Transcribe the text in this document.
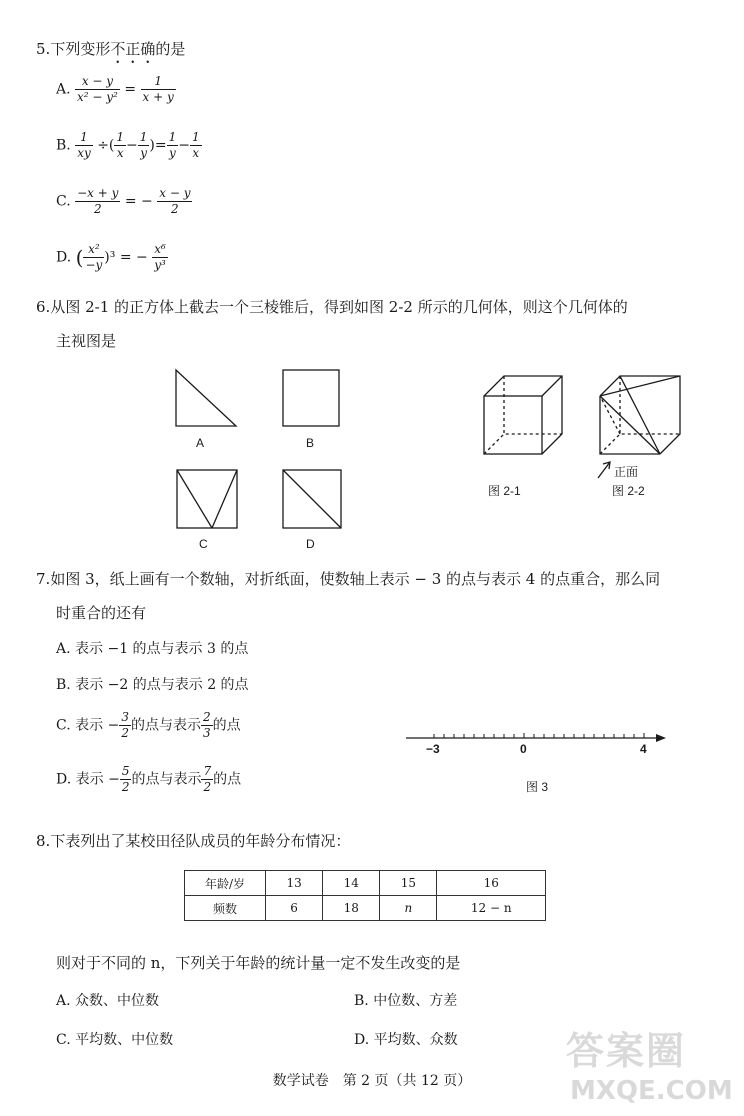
5.下列变形不正确的是
A. $\frac{x - y}{\text{x² − y²}} = \frac{1}{x + y}$
B. $\frac{1}{xy}$ ÷( $\frac{1}{x} - \frac{1}{y}$ )= $\frac{1}{y} - \frac{1}{x}$
C. $\frac{-x + y}{2}$ = − $\frac{x - y}{2}$
D. ( $\frac{\text{x²}}{-y} )^3$ = − $\frac{\text{x⁶}}{\text{y³}}$
6.从图 2-1 的正方体上截去一个三棱锥后，得到如图 2-2 所示的几何体，则这个几何体的
主视图是
A	B
C	D
正面
图 2-1	图 2-2
7.如图 3，纸上画有一个数轴，对折纸面，使数轴上表示 − 3 的点与表示 4 的点重合，那么同
时重合的还有
A. 表示 −1 的点与表示 3 的点
B. 表示 −2 的点与表示 2 的点
C. 表示 − $\frac{3}{2}$ 的点与表示 $\frac{2}{3}$ 的点
D. 表示 − $\frac{5}{2}$ 的点与表示 $\frac{7}{2}$ 的点
−3	0	4
图 3
8.下表列出了某校田径队成员的年龄分布情况：
年龄/岁	13	14	15	16
频数	6	18	n	12 − n
则对于不同的 n，下列关于年龄的统计量一定不发生改变的是
A. 众数、中位数	B. 中位数、方差
C. 平均数、中位数	D. 平均数、众数
数学试卷　第 2 页（共 12 页）
答案圈
MXQE.COM
